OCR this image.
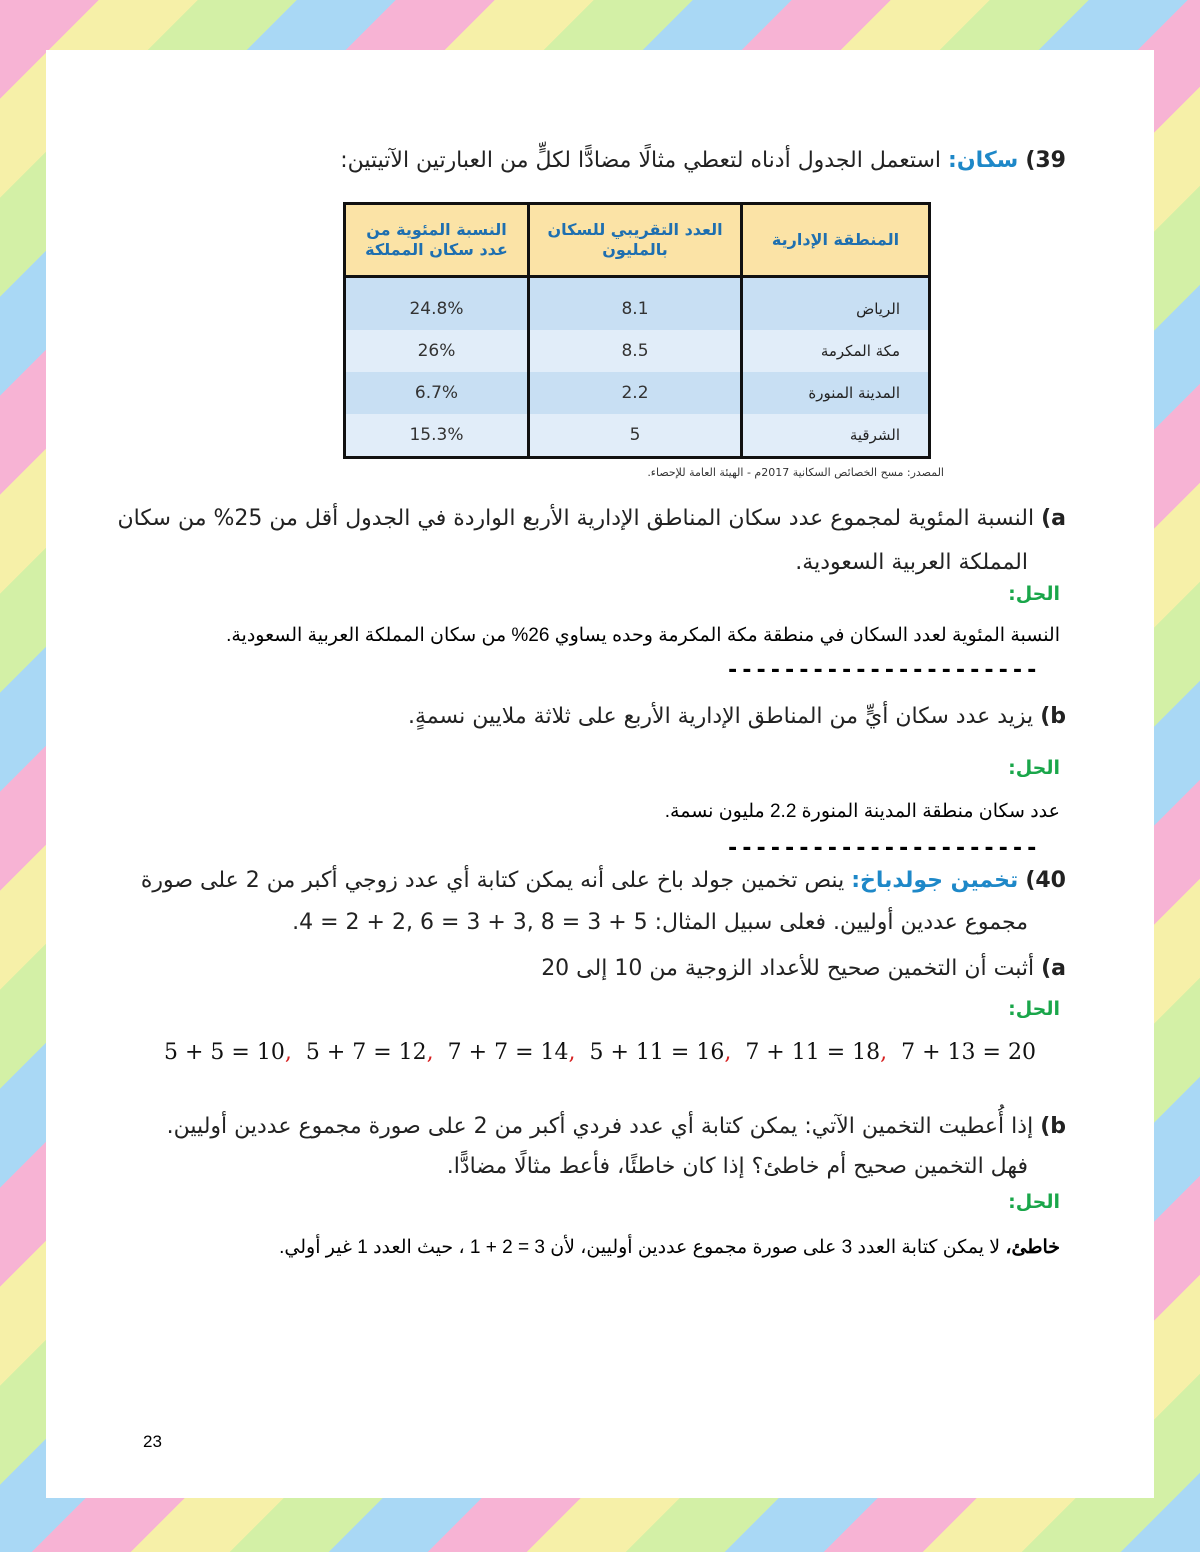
39) سكان: استعمل الجدول أدناه لتعطي مثالًا مضادًّا لكلٍّ من العبارتين الآتيتين:
المنطقة الإدارية	العدد التقريبي للسكان بالمليون	النسبة المئوية من عدد سكان المملكة

الرياض	8.1	24.8%
مكة المكرمة	8.5	26%
المدينة المنورة	2.2	6.7%
الشرقية	5	15.3%
المصدر: مسح الخصائص السكانية 2017م - الهيئة العامة للإحصاء.
a) النسبة المئوية لمجموع عدد سكان المناطق الإدارية الأربع الواردة في الجدول أقل من 25% من سكان
المملكة العربية السعودية.
الحل:
النسبة المئوية لعدد السكان في منطقة مكة المكرمة وحده يساوي 26% من سكان المملكة العربية السعودية.
----------------------
b) يزيد عدد سكان أيٍّ من المناطق الإدارية الأربع على ثلاثة ملايين نسمةٍ.
الحل:
عدد سكان منطقة المدينة المنورة 2.2 مليون نسمة.
----------------------
40) تخمين جولدباخ: ينص تخمين جولد باخ على أنه يمكن كتابة أي عدد زوجي أكبر من 2 على صورة
مجموع عددين أوليين. فعلى سبيل المثال: 5 + 3 = 8 ,3 + 3 = 6 ,2 + 2 = 4.
a) أثبت أن التخمين صحيح للأعداد الزوجية من 10 إلى 20
الحل:
5 + 5 = 10, 5 + 7 = 12, 7 + 7 = 14, 5 + 11 = 16, 7 + 11 = 18, 7 + 13 = 20
b) إذا أُعطيت التخمين الآتي: يمكن كتابة أي عدد فردي أكبر من 2 على صورة مجموع عددين أوليين.
فهل التخمين صحيح أم خاطئ؟ إذا كان خاطئًا، فأعط مثالًا مضادًّا.
الحل:
خاطئ، لا يمكن كتابة العدد 3 على صورة مجموع عددين أوليين، لأن 3 = 2 + 1 ، حيث العدد 1 غير أولي.
23
